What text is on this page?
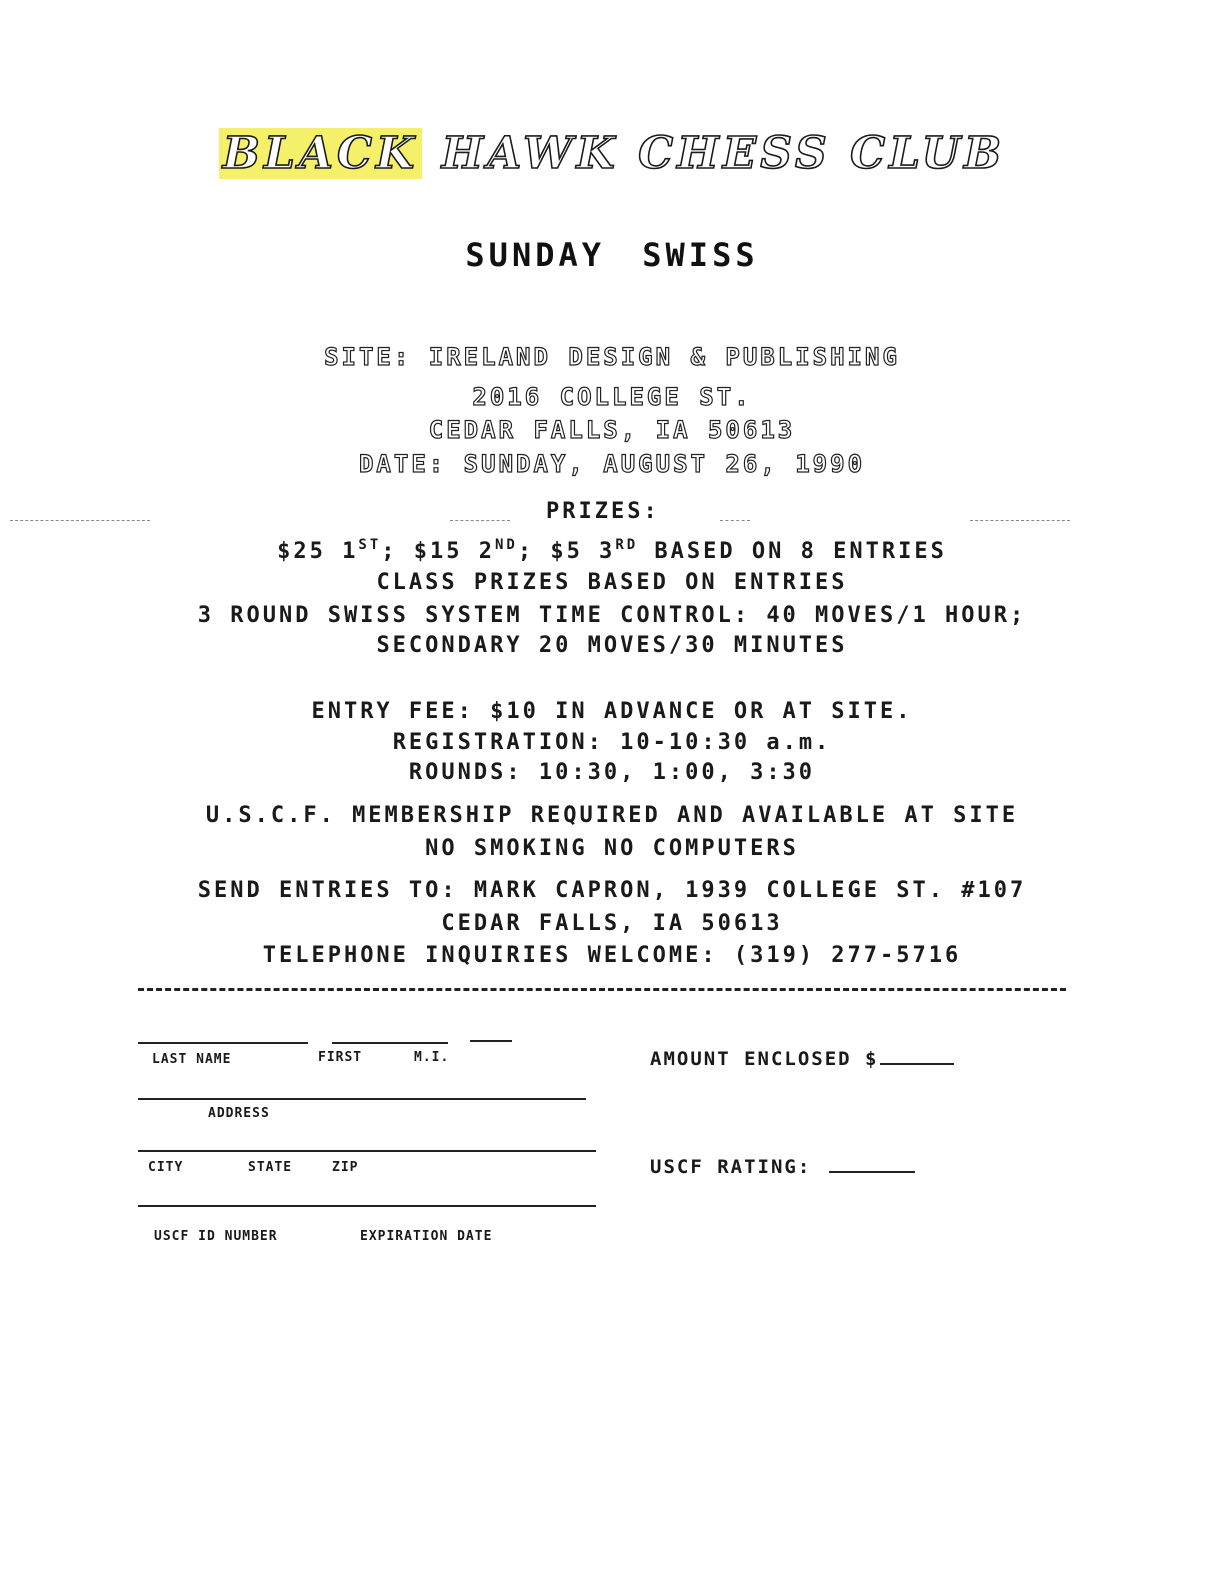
BLACK HAWK CHESS CLUB
SUNDAY SWISS
SITE: IRELAND DESIGN & PUBLISHING
2016 COLLEGE ST.
CEDAR FALLS, IA 50613
DATE: SUNDAY, AUGUST 26, 1990
PRIZES:
$25 1ST; $15 2ND; $5 3RD BASED ON 8 ENTRIES
CLASS PRIZES BASED ON ENTRIES
3 ROUND SWISS SYSTEM TIME CONTROL: 40 MOVES/1 HOUR;
SECONDARY 20 MOVES/30 MINUTES
ENTRY FEE: $10 IN ADVANCE OR AT SITE.
REGISTRATION: 10-10:30 a.m.
ROUNDS: 10:30, 1:00, 3:30
U.S.C.F. MEMBERSHIP REQUIRED AND AVAILABLE AT SITE
NO SMOKING NO COMPUTERS
SEND ENTRIES TO: MARK CAPRON, 1939 COLLEGE ST. #107
CEDAR FALLS, IA 50613
TELEPHONE INQUIRIES WELCOME: (319) 277-5716
LAST NAME	FIRST	M.I.	AMOUNT ENCLOSED $
ADDRESS
CITY	STATE	ZIP	USCF RATING:
USCF ID NUMBER	EXPIRATION DATE
